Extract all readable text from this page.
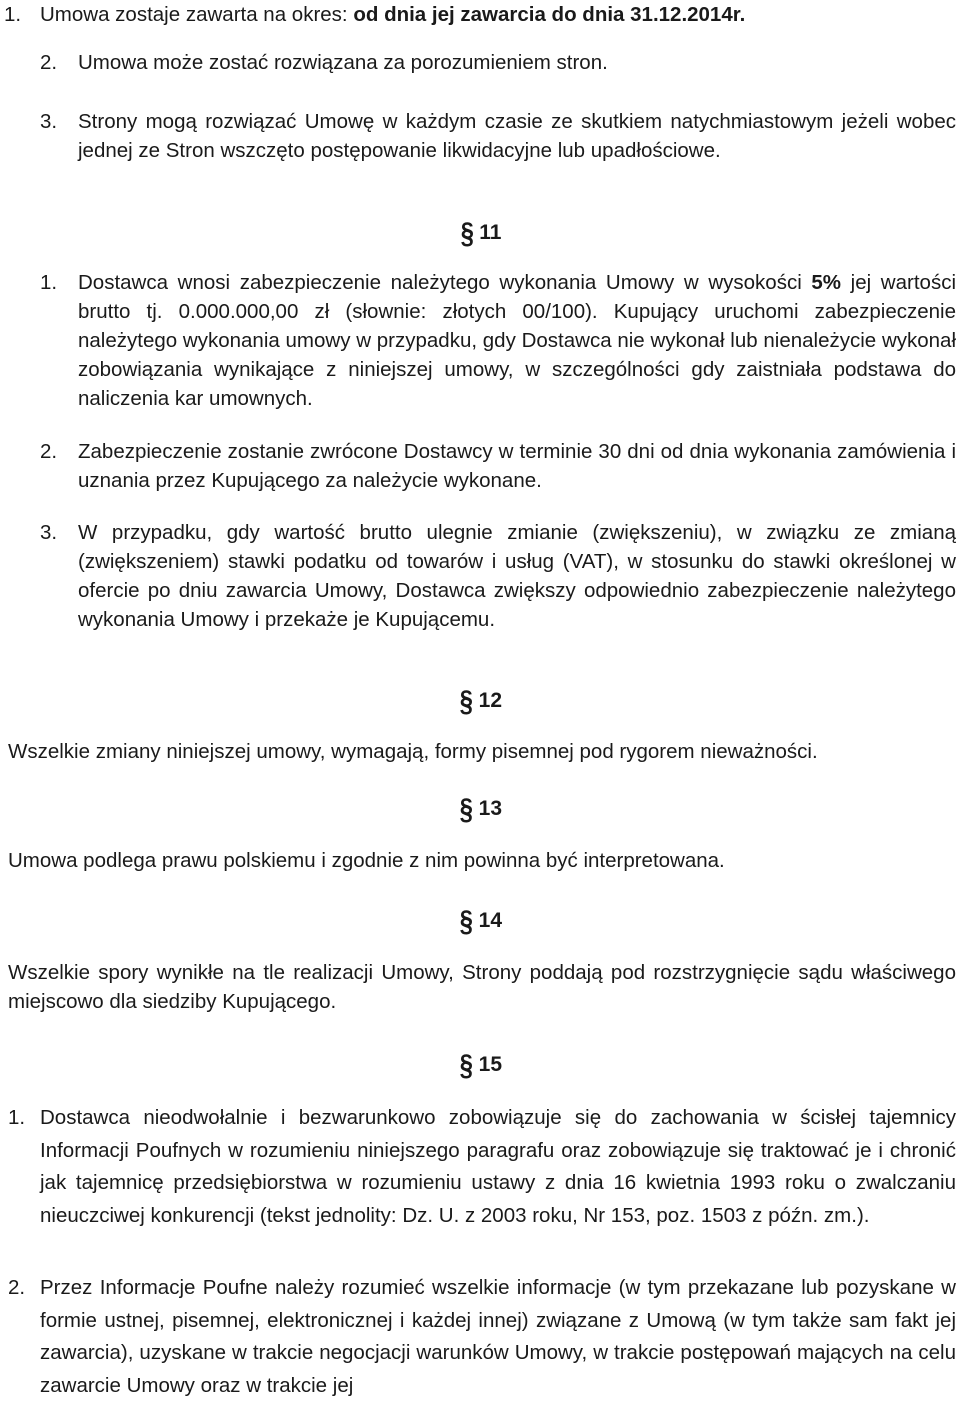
1. Umowa zostaje zawarta na okres: od dnia jej zawarcia do dnia 31.12.2014r.
2. Umowa może zostać rozwiązana za porozumieniem stron.
3. Strony mogą rozwiązać Umowę w każdym czasie ze skutkiem natychmiastowym jeżeli wobec jednej ze Stron wszczęto postępowanie likwidacyjne lub upadłościowe.
§ 11
1. Dostawca wnosi zabezpieczenie należytego wykonania Umowy w wysokości 5% jej wartości brutto tj. 0.000.000,00 zł (słownie: złotych 00/100). Kupujący uruchomi zabezpieczenie należytego wykonania umowy w przypadku, gdy Dostawca nie wykonał lub nienależycie wykonał zobowiązania wynikające z niniejszej umowy, w szczególności gdy zaistniała podstawa do naliczenia kar umownych.
2. Zabezpieczenie zostanie zwrócone Dostawcy w terminie 30 dni od dnia wykonania zamówienia i uznania przez Kupującego za należycie wykonane.
3. W przypadku, gdy wartość brutto ulegnie zmianie (zwiększeniu), w związku ze zmianą (zwiększeniem) stawki podatku od towarów i usług (VAT), w stosunku do stawki określonej w ofercie po dniu zawarcia Umowy, Dostawca zwiększy odpowiednio zabezpieczenie należytego wykonania Umowy i przekaże je Kupującemu.
§ 12
Wszelkie zmiany niniejszej umowy, wymagają, formy pisemnej pod rygorem nieważności.
§ 13
Umowa podlega prawu polskiemu i zgodnie z nim powinna być interpretowana.
§ 14
Wszelkie spory wynikłe na tle realizacji Umowy, Strony poddają pod rozstrzygnięcie sądu właściwego miejscowo dla siedziby Kupującego.
§ 15
1. Dostawca nieodwołalnie i bezwarunkowo zobowiązuje się do zachowania w ścisłej tajemnicy Informacji Poufnych w rozumieniu niniejszego paragrafu oraz zobowiązuje się traktować je i chronić jak tajemnicę przedsiębiorstwa w rozumieniu ustawy z dnia 16 kwietnia 1993 roku o zwalczaniu nieuczciwej konkurencji (tekst jednolity: Dz. U. z 2003 roku, Nr 153, poz. 1503 z późn. zm.).
2. Przez Informacje Poufne należy rozumieć wszelkie informacje (w tym przekazane lub pozyskane w formie ustnej, pisemnej, elektronicznej i każdej innej) związane z Umową (w tym także sam fakt jej zawarcia), uzyskane w trakcie negocjacji warunków Umowy, w trakcie postępowań mających na celu zawarcie Umowy oraz w trakcie jej
